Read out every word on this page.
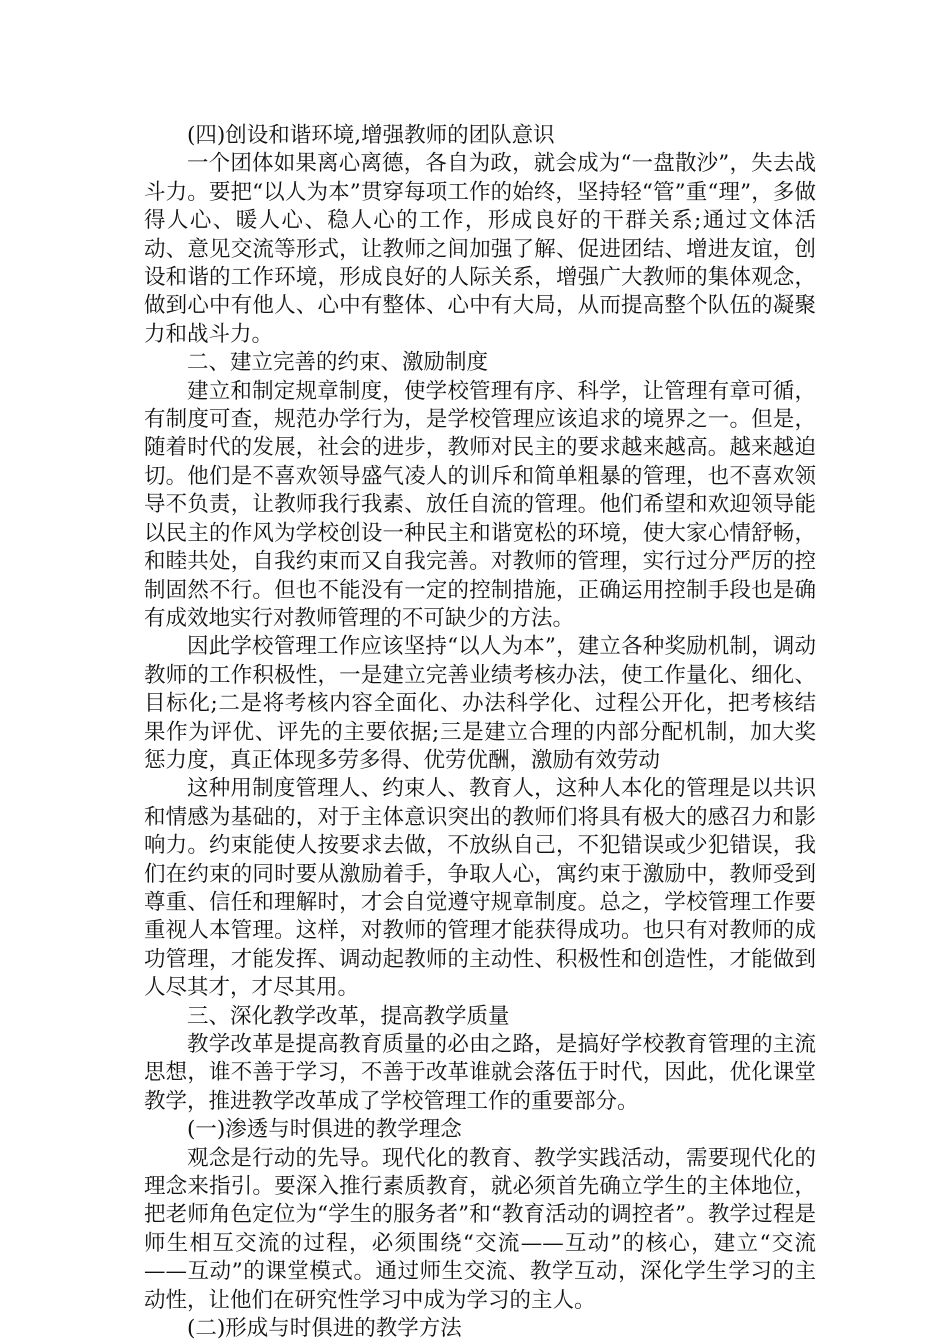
(四)创设和谐环境,增强教师的团队意识

一个团体如果离心离德，各自为政，就会成为“一盘散沙”，失去战斗力。要把“以人为本”贯穿每项工作的始终，坚持轻“管”重“理”，多做得人心、暖人心、稳人心的工作，形成良好的干群关系;通过文体活动、意见交流等形式，让教师之间加强了解、促进团结、增进友谊，创设和谐的工作环境，形成良好的人际关系，增强广大教师的集体观念，做到心中有他人、心中有整体、心中有大局，从而提高整个队伍的凝聚力和战斗力。

二、建立完善的约束、激励制度

建立和制定规章制度，使学校管理有序、科学，让管理有章可循，有制度可查，规范办学行为，是学校管理应该追求的境界之一。但是，随着时代的发展，社会的进步，教师对民主的要求越来越高。越来越迫切。他们是不喜欢领导盛气凌人的训斥和简单粗暴的管理，也不喜欢领导不负责，让教师我行我素、放任自流的管理。他们希望和欢迎领导能以民主的作风为学校创设一种民主和谐宽松的环境，使大家心情舒畅，和睦共处，自我约束而又自我完善。对教师的管理，实行过分严厉的控制固然不行。但也不能没有一定的控制措施，正确运用控制手段也是确有成效地实行对教师管理的不可缺少的方法。

因此学校管理工作应该坚持“以人为本”，建立各种奖励机制，调动教师的工作积极性，一是建立完善业绩考核办法，使工作量化、细化、目标化;二是将考核内容全面化、办法科学化、过程公开化，把考核结果作为评优、评先的主要依据;三是建立合理的内部分配机制，加大奖惩力度，真正体现多劳多得、优劳优酬，激励有效劳动

这种用制度管理人、约束人、教育人，这种人本化的管理是以共识和情感为基础的，对于主体意识突出的教师们将具有极大的感召力和影响力。约束能使人按要求去做，不放纵自己，不犯错误或少犯错误，我们在约束的同时要从激励着手，争取人心，寓约束于激励中，教师受到尊重、信任和理解时，才会自觉遵守规章制度。总之，学校管理工作要重视人本管理。这样，对教师的管理才能获得成功。也只有对教师的成功管理，才能发挥、调动起教师的主动性、积极性和创造性，才能做到人尽其才，才尽其用。

三、深化教学改革，提高教学质量

教学改革是提高教育质量的必由之路，是搞好学校教育管理的主流思想，谁不善于学习，不善于改革谁就会落伍于时代，因此，优化课堂教学，推进教学改革成了学校管理工作的重要部分。

(一)渗透与时俱进的教学理念

观念是行动的先导。现代化的教育、教学实践活动，需要现代化的理念来指引。要深入推行素质教育，就必须首先确立学生的主体地位，把老师角色定位为“学生的服务者”和“教育活动的调控者”。教学过程是师生相互交流的过程，必须围绕“交流——互动”的核心，建立“交流——互动”的课堂模式。通过师生交流、教学互动，深化学生学习的主动性，让他们在研究性学习中成为学习的主人。

(二)形成与时俱进的教学方法
